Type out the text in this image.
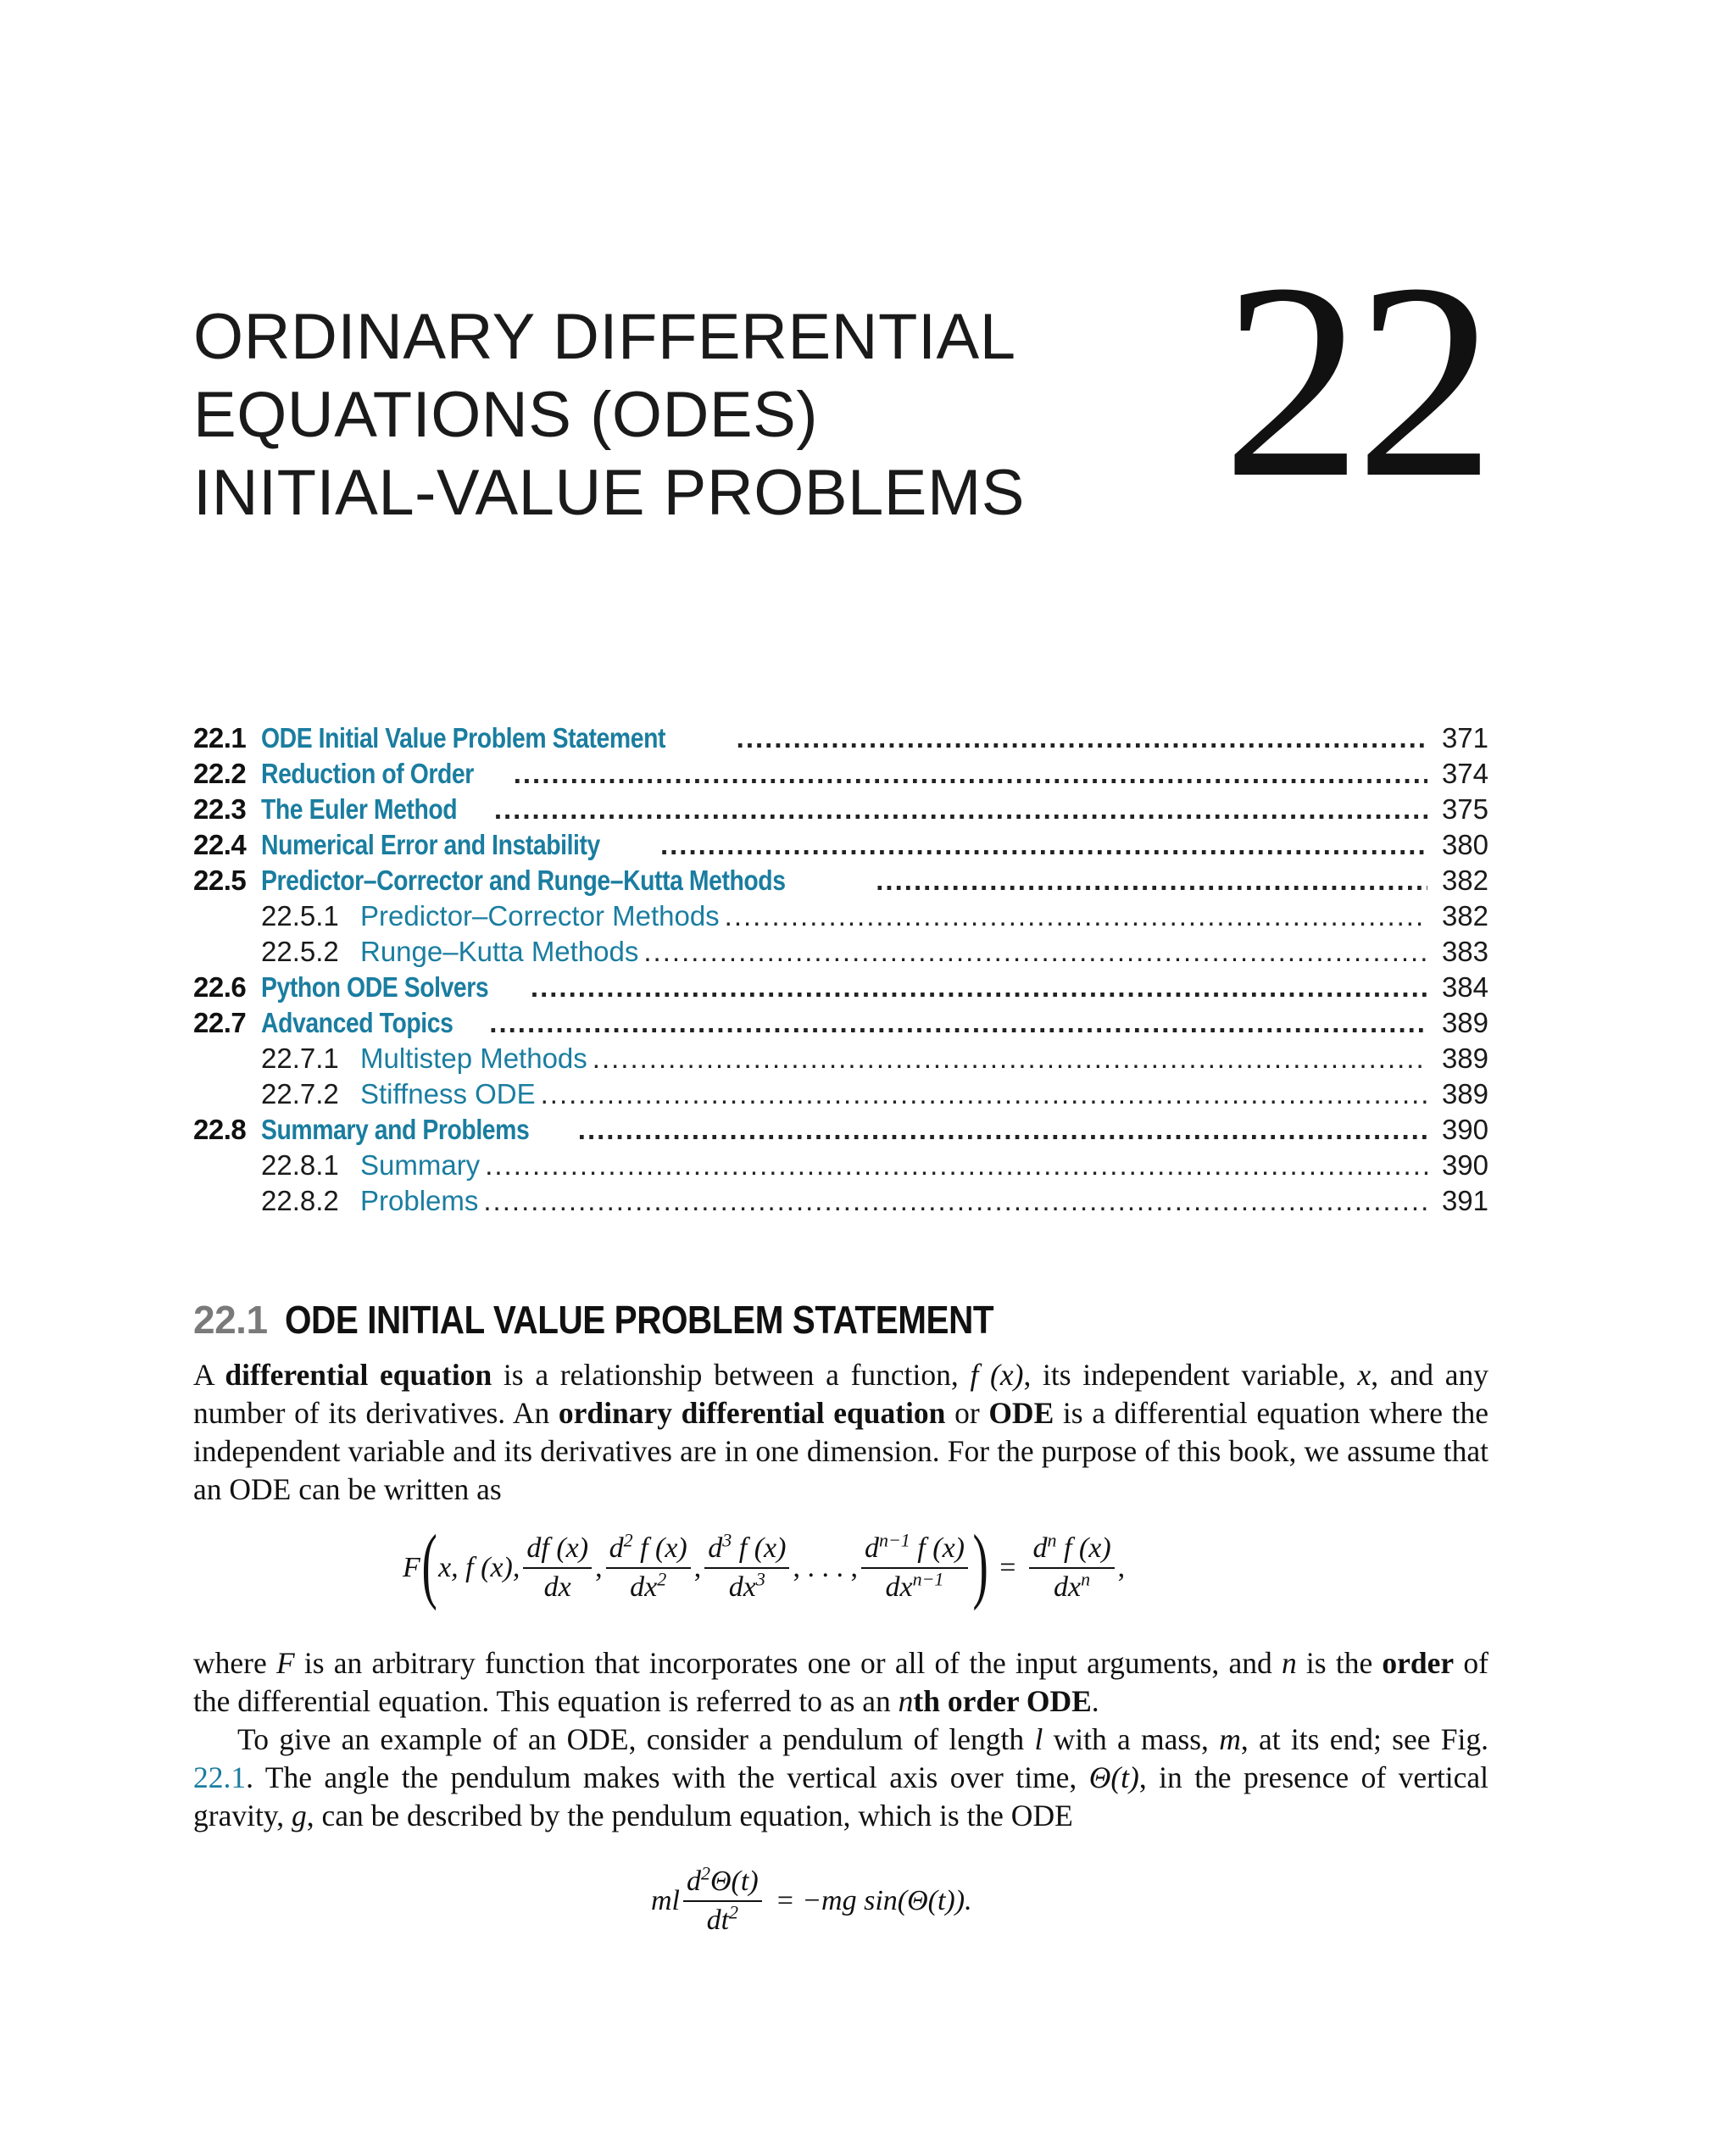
ORDINARY DIFFERENTIAL
EQUATIONS (ODES)
INITIAL-VALUE PROBLEMS 22
22.1 ODE Initial Value Problem Statement .....	371
22.2 Reduction of Order .....	374
22.3 The Euler Method .....	375
22.4 Numerical Error and Instability .....	380
22.5 Predictor–Corrector and Runge–Kutta Methods .....	382
22.5.1 Predictor–Corrector Methods .....	382
22.5.2 Runge–Kutta Methods .....	383
22.6 Python ODE Solvers .....	384
22.7 Advanced Topics .....	389
22.7.1 Multistep Methods .....	389
22.7.2 Stiffness ODE .....	389
22.8 Summary and Problems .....	390
22.8.1 Summary .....	390
22.8.2 Problems .....	391
22.1 ODE INITIAL VALUE PROBLEM STATEMENT

A differential equation is a relationship between a function, f (x), its independent variable, x, and any number of its derivatives. An ordinary differential equation or ODE is a differential equation where the independent variable and its derivatives are in one dimension. For the purpose of this book, we assume that an ODE can be written as

F ( x, f (x), $\frac{df (x)}{dx}$ , $\frac{d^2 f (x)}{dx^2}$ , $\frac{d^3 f (x)}{dx^3}$ , . . . , $\frac{d^{n-1} f (x)}{dx^{n-1}}$ ) = $\frac{d^n f (x)}{dx^n}$ ,

where F is an arbitrary function that incorporates one or all of the input arguments, and n is the order of the differential equation. This equation is referred to as an nth order ODE.

To give an example of an ODE, consider a pendulum of length l with a mass, m, at its end; see Fig. 22.1. The angle the pendulum makes with the vertical axis over time, Θ(t), in the presence of vertical gravity, g, can be described by the pendulum equation, which is the ODE

ml $\frac{d^2\Theta(t)}{dt^2} = -mg$ sin(Θ(t)).
